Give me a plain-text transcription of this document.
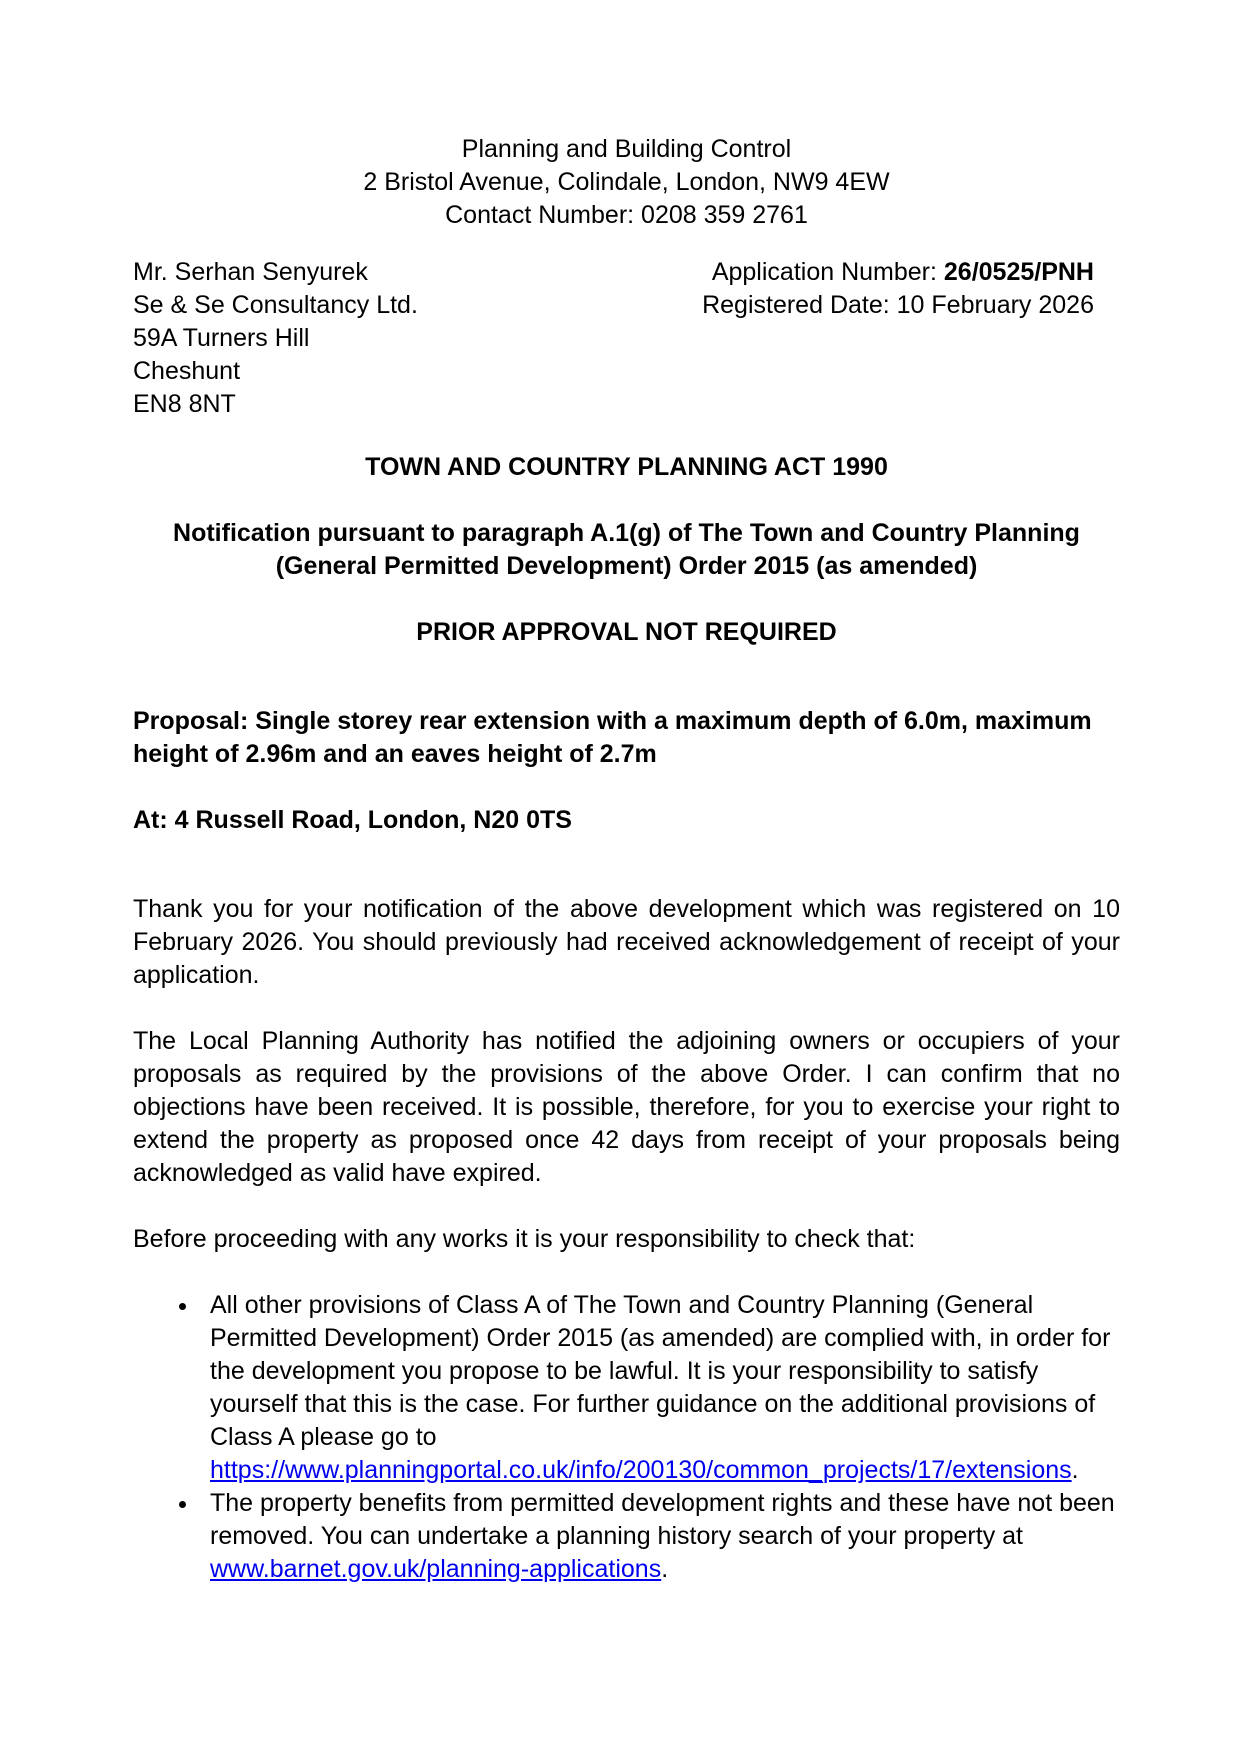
Planning and Building Control

2 Bristol Avenue, Colindale, London, NW9 4EW

Contact Number: 0208 359 2761

Mr. Serhan Senyurek

Se & Se Consultancy Ltd.

59A Turners Hill

Cheshunt

EN8 8NT

Application Number: 26/0525/PNH

Registered Date: 10 February 2026

TOWN AND COUNTRY PLANNING ACT 1990

Notification pursuant to paragraph A.1(g) of The Town and Country Planning

(General Permitted Development) Order 2015 (as amended)

PRIOR APPROVAL NOT REQUIRED

Proposal: Single storey rear extension with a maximum depth of 6.0m, maximum height of 2.96m and an eaves height of 2.7m

At: 4 Russell Road, London, N20 0TS

Thank you for your notification of the above development which was registered on 10 February 2026. You should previously had received acknowledgement of receipt of your application.

The Local Planning Authority has notified the adjoining owners or occupiers of your proposals as required by the provisions of the above Order. I can confirm that no objections have been received. It is possible, therefore, for you to exercise your right to extend the property as proposed once 42 days from receipt of your proposals being acknowledged as valid have expired.

Before proceeding with any works it is your responsibility to check that:

• All other provisions of Class A of The Town and Country Planning (General Permitted Development) Order 2015 (as amended) are complied with, in order for the development you propose to be lawful. It is your responsibility to satisfy yourself that this is the case. For further guidance on the additional provisions of Class A please go to https://www.planningportal.co.uk/info/200130/common_projects/17/extensions.
• The property benefits from permitted development rights and these have not been removed. You can undertake a planning history search of your property at www.barnet.gov.uk/planning-applications.
